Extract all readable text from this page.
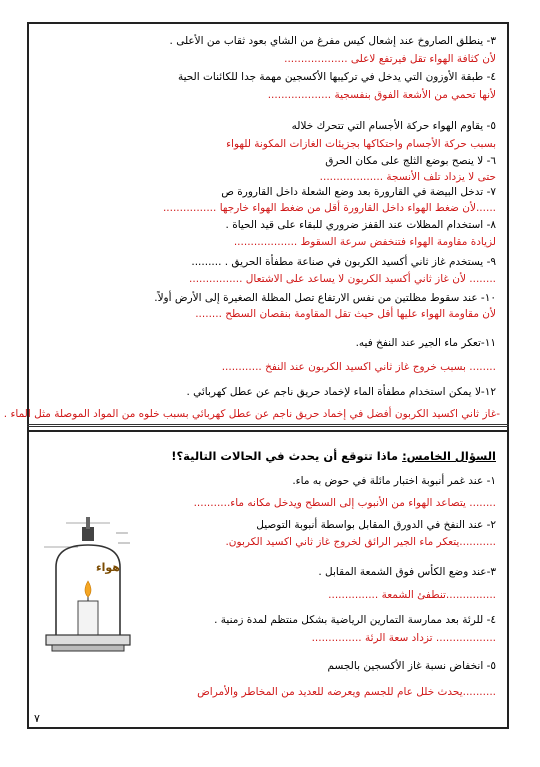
٣- ينطلق الصاروخ عند إشعال كيس مفرغ من الشاي بعود ثقاب من الأعلى .
لأن كثافة الهواء تقل فيرتفع لاعلى ...................
٤- طبقة الأوزون التي يدخل في تركيبها الأكسجين مهمة جدا للكائنات الحية
لأنها تحمي من الأشعة الفوق بنفسجية ...................
٥- يقاوم الهواء حركة الأجسام التي تتحرك خلاله
بسبب حركة الأجسام واحتكاكها بجزيئات الغازات المكونة للهواء
٦- لا ينصح بوضع الثلج على مكان الحرق
حتى لا يزداد تلف الأنسجة ...................
٧- تدخل البيضة في القارورة بعد وضع الشعلة داخل القارورة ص
......لأن ضغط الهواء داخل القارورة أقل من ضغط الهواء خارجها ................
٨- استخدام المظلات عند القفز ضروري للبقاء على قيد الحياة .
لزيادة مقاومة الهواء فتنخفض سرعة السقوط ...................
٩- يستخدم غاز ثاني أكسيد الكربون في صناعة مطفأة الحريق . .........
........ لأن غاز ثاني أكسيد الكربون لا يساعد على الاشتعال ................
١٠- عند سقوط مظلتين من نفس الارتفاع تصل المظلة الصغيرة إلى الأرض أولاً.
لأن مقاومة الهواء عليها أقل حيث تقل المقاومة بنقصان السطح ........
١١-تعكر ماء الجير عند النفخ فيه.
........ بسبب خروج غاز ثاني اكسيد الكربون عند النفخ ............
١٢-لا يمكن استخدام مطفأة الماء لإخماد حريق ناجم عن عطل كهربائي .
-غاز ثاني اكسيد الكربون أفضل في إخماد حريق ناجم عن عطل كهربائي بسبب خلوه من المواد الموصلة مثل الماء .
١- عند غمر أنبوبة اختبار مائلة في حوض به ماء.
........ يتصاعد الهواء من الأنبوب إلى السطح ويدخل مكانه ماء...........
٢- عند النفخ في الدورق المقابل بواسطة أنبوبة التوصيل
...........يتعكر ماء الجير الرائق لخروج غاز ثاني اكسيد الكربون.
٣-عند وضع الكأس فوق الشمعة المقابل .
...............تنطفئ الشمعة ...............
٤- للرئة بعد ممارسة التمارين الرياضية بشكل منتظم لمدة زمنية .
.................. تزداد سعة الرئة ...............
٥- انخفاض نسبة غاز الأكسجين بالجسم
..........يحدث خلل عام للجسم ويعرضه للعديد من المخاطر والأمراض
السؤال الخامس: ماذا تتوقع أن يحدث في الحالات التالية؟!
هواء
٧
